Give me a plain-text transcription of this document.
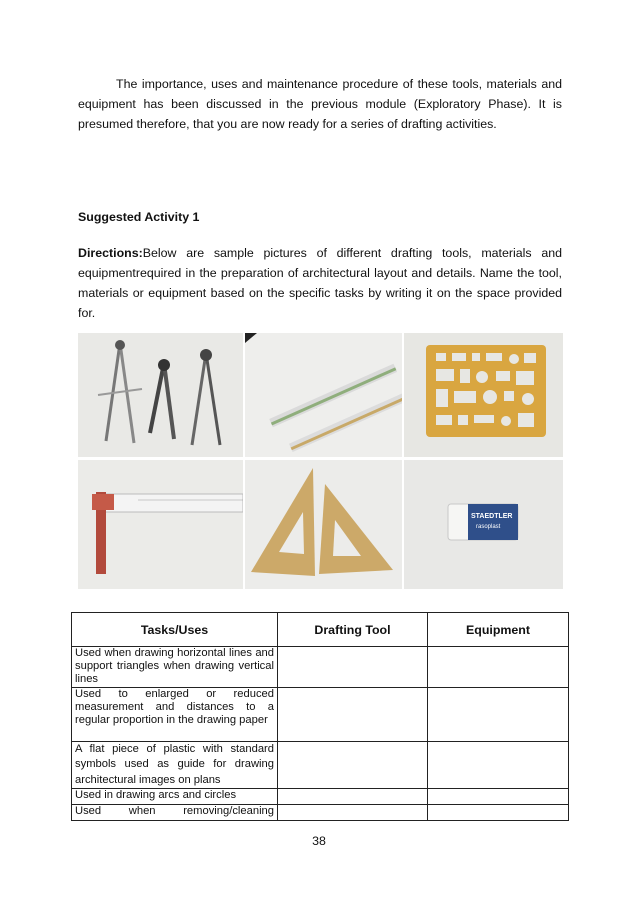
The importance, uses and maintenance procedure of these tools, materials and equipment has been discussed in the previous module (Exploratory Phase). It is presumed therefore, that you are now ready for a series of drafting activities.

Suggested Activity 1

Directions:Below are sample pictures of different drafting tools, materials and equipmentrequired in the preparation of architectural layout and details. Name the tool, materials or equipment based on the specific tasks by writing it on the space provided for.

STAEDTLER
rasoplast
Tasks/Uses	Drafting Tool	Equipment
Used when drawing horizontal lines and support triangles when drawing vertical lines		
Used to enlarged or reduced measurement and distances to a regular proportion in the drawing paper		
A flat piece of plastic with standard symbols used as guide for drawing architectural images on plans		
Used in drawing arcs and circles		
Used when removing/cleaning		
38
